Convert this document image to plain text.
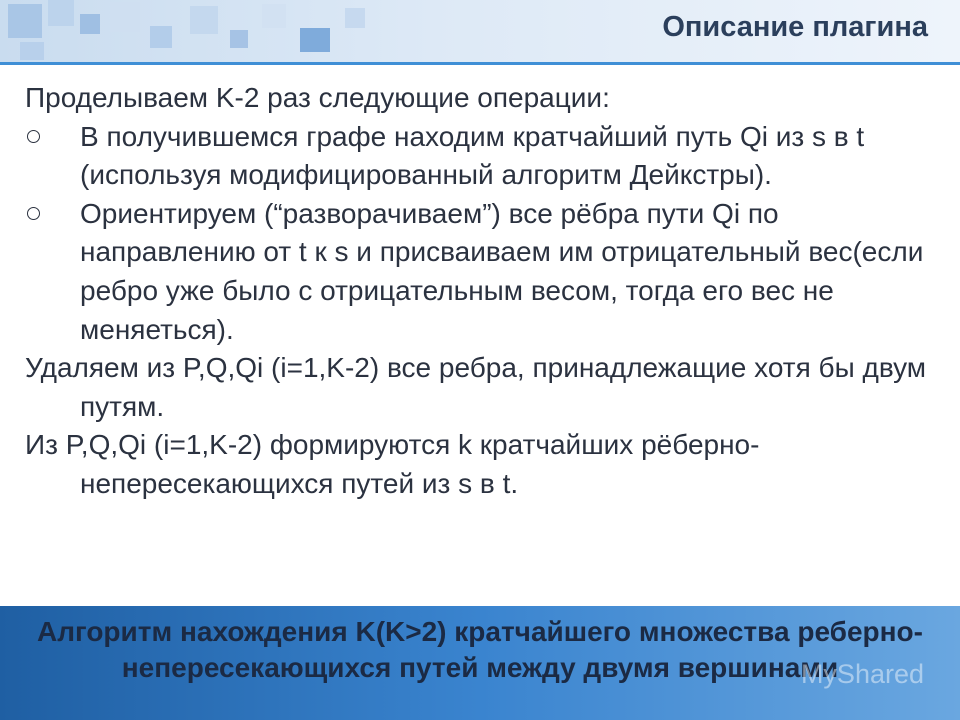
Описание плагина

Проделываем K-2 раз следующие операции:

В получившемся графе находим кратчайший путь Qi из s в t (используя модифицированный алгоритм Дейкстры).
Ориентируем (“разворачиваем”) все рёбра пути Qi по направлению от t к s и присваиваем им отрицательный вес(если ребро уже было с отрицательным весом, тогда его вес не меняеться).

Удаляем из P,Q,Qi (i=1,K-2) все ребра, принадлежащие хотя бы двум путям.

Из P,Q,Qi (i=1,K-2) формируются k кратчайших рёберно-непересекающихся путей из s в t.

Алгоритм нахождения K(K>2) кратчайшего множества реберно-непересекающихся путей между двумя вершинами
MyShared
